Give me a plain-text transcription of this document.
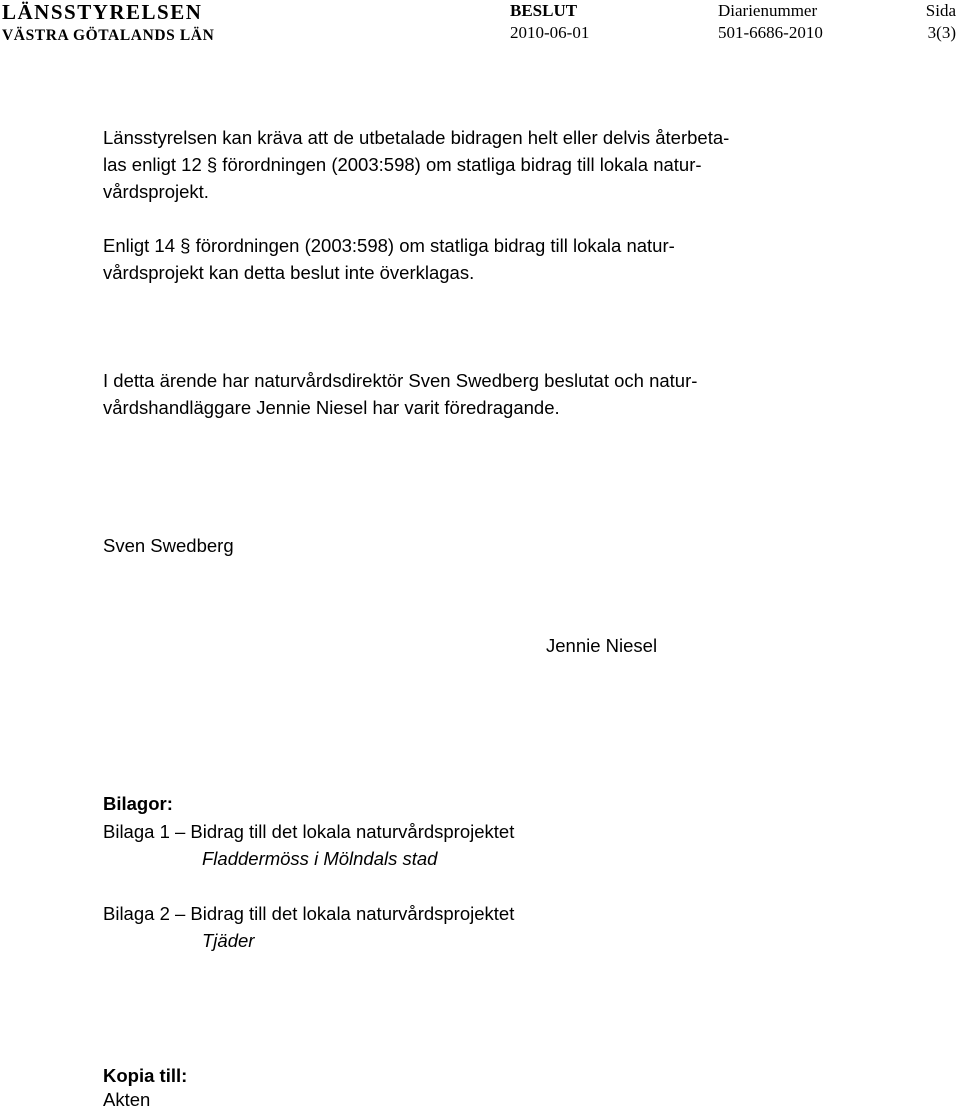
LÄNSSTYRELSEN
VÄSTRA GÖTALANDS LÄN
BESLUT
2010-06-01
Diarienummer
501-6686-2010
Sida
3(3)

Länsstyrelsen kan kräva att de utbetalade bidragen helt eller delvis återbeta-

las enligt 12 § förordningen (2003:598) om statliga bidrag till lokala natur-

vårdsprojekt.

Enligt 14 § förordningen (2003:598) om statliga bidrag till lokala natur-

vårdsprojekt kan detta beslut inte överklagas.

I detta ärende har naturvårdsdirektör Sven Swedberg beslutat och natur-

vårdshandläggare Jennie Niesel har varit föredragande.

Sven Swedberg
Jennie Niesel
Bilagor:
Bilaga 1 – Bidrag till det lokala naturvårdsprojektet
Fladdermöss i Mölndals stad
Bilaga 2 – Bidrag till det lokala naturvårdsprojektet
Tjäder
Kopia till:
Akten
